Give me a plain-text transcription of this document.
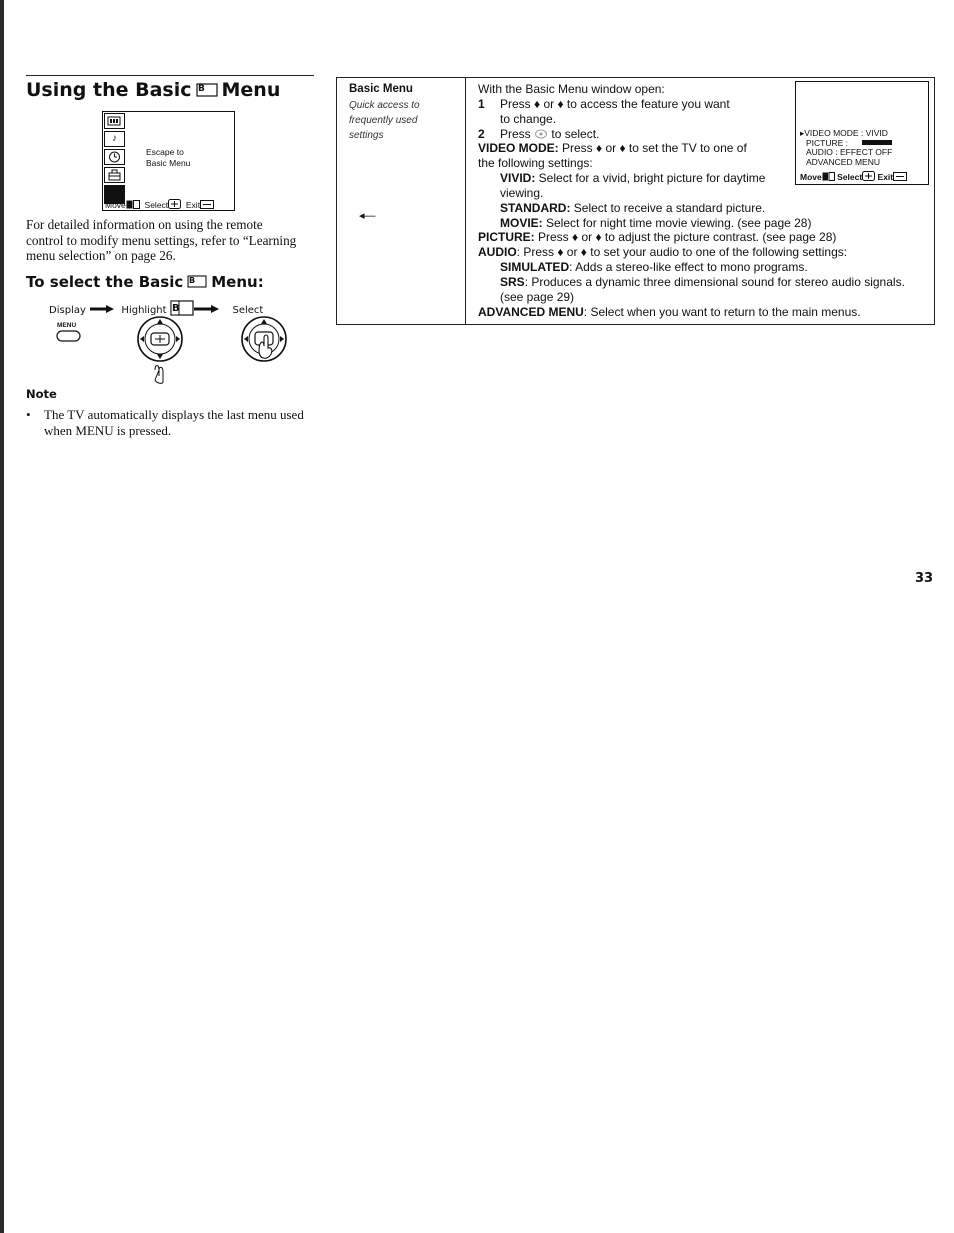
Using the Basic B Menu
♪
Escape to
Basic Menu
Move Select Exit
For detailed information on using the remote control to modify menu settings, refer to “Learning menu selection” on page 26.
To select the Basic B Menu:
Display	Highlight B	Select
MENU
Note
•	The TV automatically displays the last menu used when MENU is pressed.
Basic Menu
Quick access to frequently used settings
◂—
With the Basic Menu window open:
1 Press ♦ or ♦ to access the feature you want
to change.
2 Press to select.
VIDEO MODE: Press ♦ or ♦ to set the TV to one of
the following settings:
VIVID: Select for a vivid, bright picture for daytime
viewing.
STANDARD: Select to receive a standard picture.
MOVIE: Select for night time movie viewing. (see page 28)
PICTURE: Press ♦ or ♦ to adjust the picture contrast. (see page 28)
AUDIO: Press ♦ or ♦ to set your audio to one of the following settings:
SIMULATED: Adds a stereo-like effect to mono programs.
SRS: Produces a dynamic three dimensional sound for stereo audio signals.
(see page 29)
ADVANCED MENU: Select when you want to return to the main menus.
▸VIDEO MODE : VIVID
PICTURE :
AUDIO : EFFECT OFF
ADVANCED MENU
Move Select Exit
33
